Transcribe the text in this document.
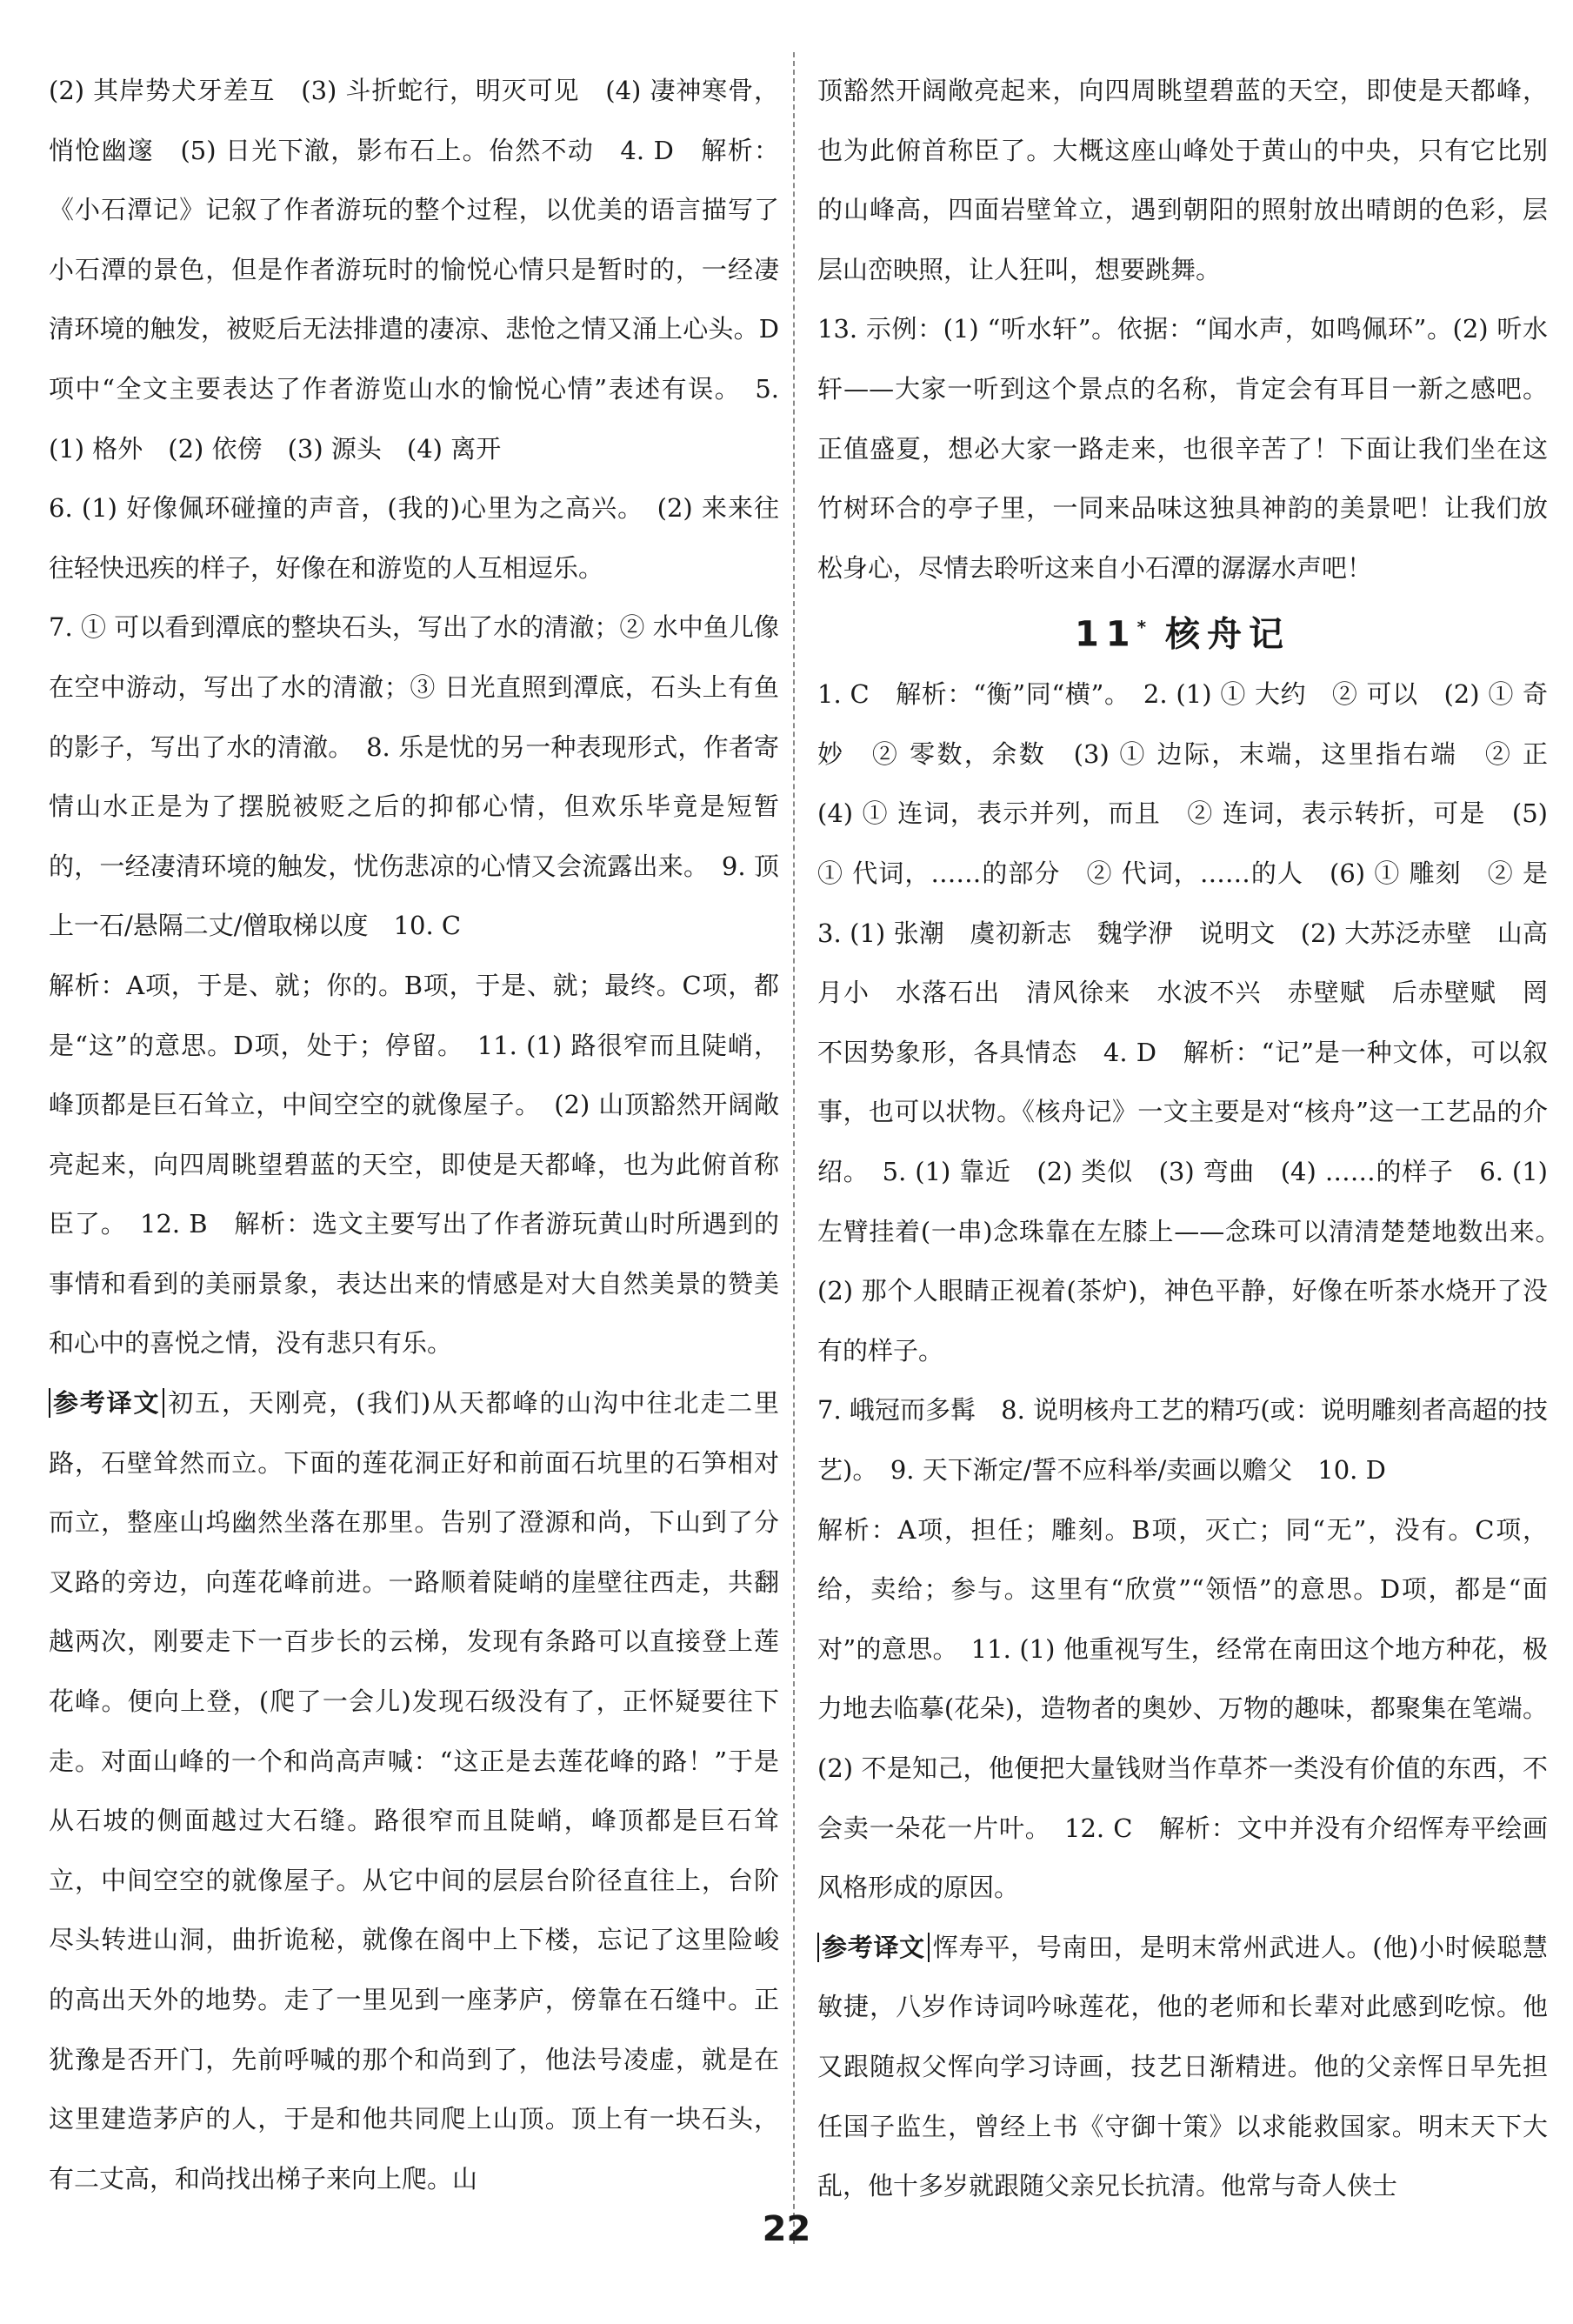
(2) 其岸势犬牙差互　(3) 斗折蛇行，明灭可见　(4) 凄神寒骨，悄怆幽邃　(5) 日光下澈，影布石上。佁然不动　4. D　解析：《小石潭记》记叙了作者游玩的整个过程，以优美的语言描写了小石潭的景色，但是作者游玩时的愉悦心情只是暂时的，一经凄清环境的触发，被贬后无法排遣的凄凉、悲怆之情又涌上心头。D项中“全文主要表达了作者游览山水的愉悦心情”表述有误。　5. (1) 格外　(2) 依傍　(3) 源头　(4) 离开

6. (1) 好像佩环碰撞的声音，(我的)心里为之高兴。　(2) 来来往往轻快迅疾的样子，好像在和游览的人互相逗乐。

7. ① 可以看到潭底的整块石头，写出了水的清澈；② 水中鱼儿像在空中游动，写出了水的清澈；③ 日光直照到潭底，石头上有鱼的影子，写出了水的清澈。　8. 乐是忧的另一种表现形式，作者寄情山水正是为了摆脱被贬之后的抑郁心情，但欢乐毕竟是短暂的，一经凄清环境的触发，忧伤悲凉的心情又会流露出来。　9. 顶上一石/悬隔二丈/僧取梯以度　10. C

解析：A项，于是、就；你的。B项，于是、就；最终。C项，都是“这”的意思。D项，处于；停留。　11. (1) 路很窄而且陡峭，峰顶都是巨石耸立，中间空空的就像屋子。　(2) 山顶豁然开阔敞亮起来，向四周眺望碧蓝的天空，即使是天都峰，也为此俯首称臣了。　12. B　解析：选文主要写出了作者游玩黄山时所遇到的事情和看到的美丽景象，表达出来的情感是对大自然美景的赞美和心中的喜悦之情，没有悲只有乐。

参考译文 初五，天刚亮，(我们)从天都峰的山沟中往北走二里路，石壁耸然而立。下面的莲花洞正好和前面石坑里的石笋相对而立，整座山坞幽然坐落在那里。告别了澄源和尚，下山到了分叉路的旁边，向莲花峰前进。一路顺着陡峭的崖壁往西走，共翻越两次，刚要走下一百步长的云梯，发现有条路可以直接登上莲花峰。便向上登，(爬了一会儿)发现石级没有了，正怀疑要往下走。对面山峰的一个和尚高声喊：“这正是去莲花峰的路！”于是从石坡的侧面越过大石缝。路很窄而且陡峭，峰顶都是巨石耸立，中间空空的就像屋子。从它中间的层层台阶径直往上，台阶尽头转进山洞，曲折诡秘，就像在阁中上下楼，忘记了这里险峻的高出天外的地势。走了一里见到一座茅庐，傍靠在石缝中。正犹豫是否开门，先前呼喊的那个和尚到了，他法号凌虚，就是在这里建造茅庐的人，于是和他共同爬上山顶。顶上有一块石头，有二丈高，和尚找出梯子来向上爬。山

顶豁然开阔敞亮起来，向四周眺望碧蓝的天空，即使是天都峰，也为此俯首称臣了。大概这座山峰处于黄山的中央，只有它比别的山峰高，四面岩壁耸立，遇到朝阳的照射放出晴朗的色彩，层层山峦映照，让人狂叫，想要跳舞。

13. 示例：(1) “听水轩”。依据：“闻水声，如鸣佩环”。(2) 听水轩——大家一听到这个景点的名称，肯定会有耳目一新之感吧。正值盛夏，想必大家一路走来，也很辛苦了！下面让我们坐在这竹树环合的亭子里，一同来品味这独具神韵的美景吧！让我们放松身心，尽情去聆听这来自小石潭的潺潺水声吧！

11* 核舟记

1. C　解析：“衡”同“横”。　2. (1) ① 大约　② 可以　(2) ① 奇妙　② 零数，余数　(3) ① 边际，末端，这里指右端　② 正　(4) ① 连词，表示并列，而且　② 连词，表示转折，可是　(5) ① 代词，……的部分　② 代词，……的人　(6) ① 雕刻　② 是　3. (1) 张潮　虞初新志　魏学洢　说明文　(2) 大苏泛赤壁　山高月小　水落石出　清风徐来　水波不兴　赤壁赋　后赤壁赋　罔不因势象形，各具情态　4. D　解析：“记”是一种文体，可以叙事，也可以状物。《核舟记》一文主要是对“核舟”这一工艺品的介绍。　5. (1) 靠近　(2) 类似　(3) 弯曲　(4) ……的样子　6. (1) 左臂挂着(一串)念珠靠在左膝上——念珠可以清清楚楚地数出来。　(2) 那个人眼睛正视着(茶炉)，神色平静，好像在听茶水烧开了没有的样子。

7. 峨冠而多髯　8. 说明核舟工艺的精巧(或：说明雕刻者高超的技艺)。　9. 天下渐定/誓不应科举/卖画以赡父　10. D

解析：A项，担任；雕刻。B项，灭亡；同“无”，没有。C项，给，卖给；参与。这里有“欣赏”“领悟”的意思。D项，都是“面对”的意思。　11. (1) 他重视写生，经常在南田这个地方种花，极力地去临摹(花朵)，造物者的奥妙、万物的趣味，都聚集在笔端。(2) 不是知己，他便把大量钱财当作草芥一类没有价值的东西，不会卖一朵花一片叶。　12. C　解析：文中并没有介绍恽寿平绘画风格形成的原因。

参考译文 恽寿平，号南田，是明末常州武进人。(他)小时候聪慧敏捷，八岁作诗词吟咏莲花，他的老师和长辈对此感到吃惊。他又跟随叔父恽向学习诗画，技艺日渐精进。他的父亲恽日早先担任国子监生，曾经上书《守御十策》以求能救国家。明末天下大乱，他十多岁就跟随父亲兄长抗清。他常与奇人侠士

22
